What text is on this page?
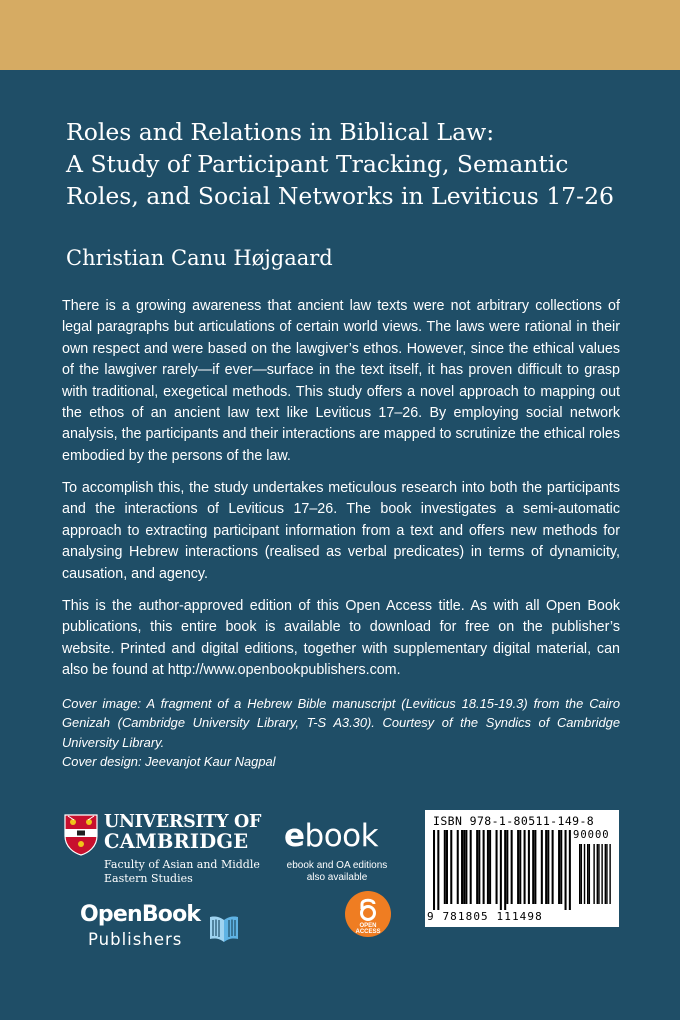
Roles and Relations in Biblical Law:
A Study of Participant Tracking, Semantic
Roles, and Social Networks in Leviticus 17-26
Christian Canu Højgaard

There is a growing awareness that ancient law texts were not arbitrary collections of legal paragraphs but articulations of certain world views. The laws were rational in their own respect and were based on the lawgiver’s ethos. However, since the ethical values of the lawgiver rarely—if ever—surface in the text itself, it has proven difficult to grasp with traditional, exegetical methods. This study offers a novel approach to mapping out the ethos of an ancient law text like Leviticus 17–26. By employing social network analysis, the participants and their interactions are mapped to scrutinize the ethical roles embodied by the persons of the law.

To accomplish this, the study undertakes meticulous research into both the participants and the interactions of Leviticus 17–26. The book investigates a semi-automatic approach to extracting participant information from a text and offers new methods for analysing Hebrew interactions (realised as verbal predicates) in terms of dynamicity, causation, and agency.

This is the author-approved edition of this Open Access title. As with all Open Book publications, this entire book is available to download for free on the publisher’s website. Printed and digital editions, together with supplementary digital material, can also be found at http://www.openbookpublishers.com.

Cover image: A fragment of a Hebrew Bible manuscript (Leviticus 18.15-19.3) from the Cairo Genizah (Cambridge University Library, T-S A3.30). Courtesy of the Syndics of Cambridge University Library.

Cover design: Jeevanjot Kaur Nagpal

UNIVERSITY OF
CAMBRIDGE
Faculty of Asian and Middle
Eastern Studies
OpenBook
Publishers
ebook
ebook and OA editions
also available
OPEN
ACCESS
ISBN 978-1-80511-149-8
90000
9 781805 111498
